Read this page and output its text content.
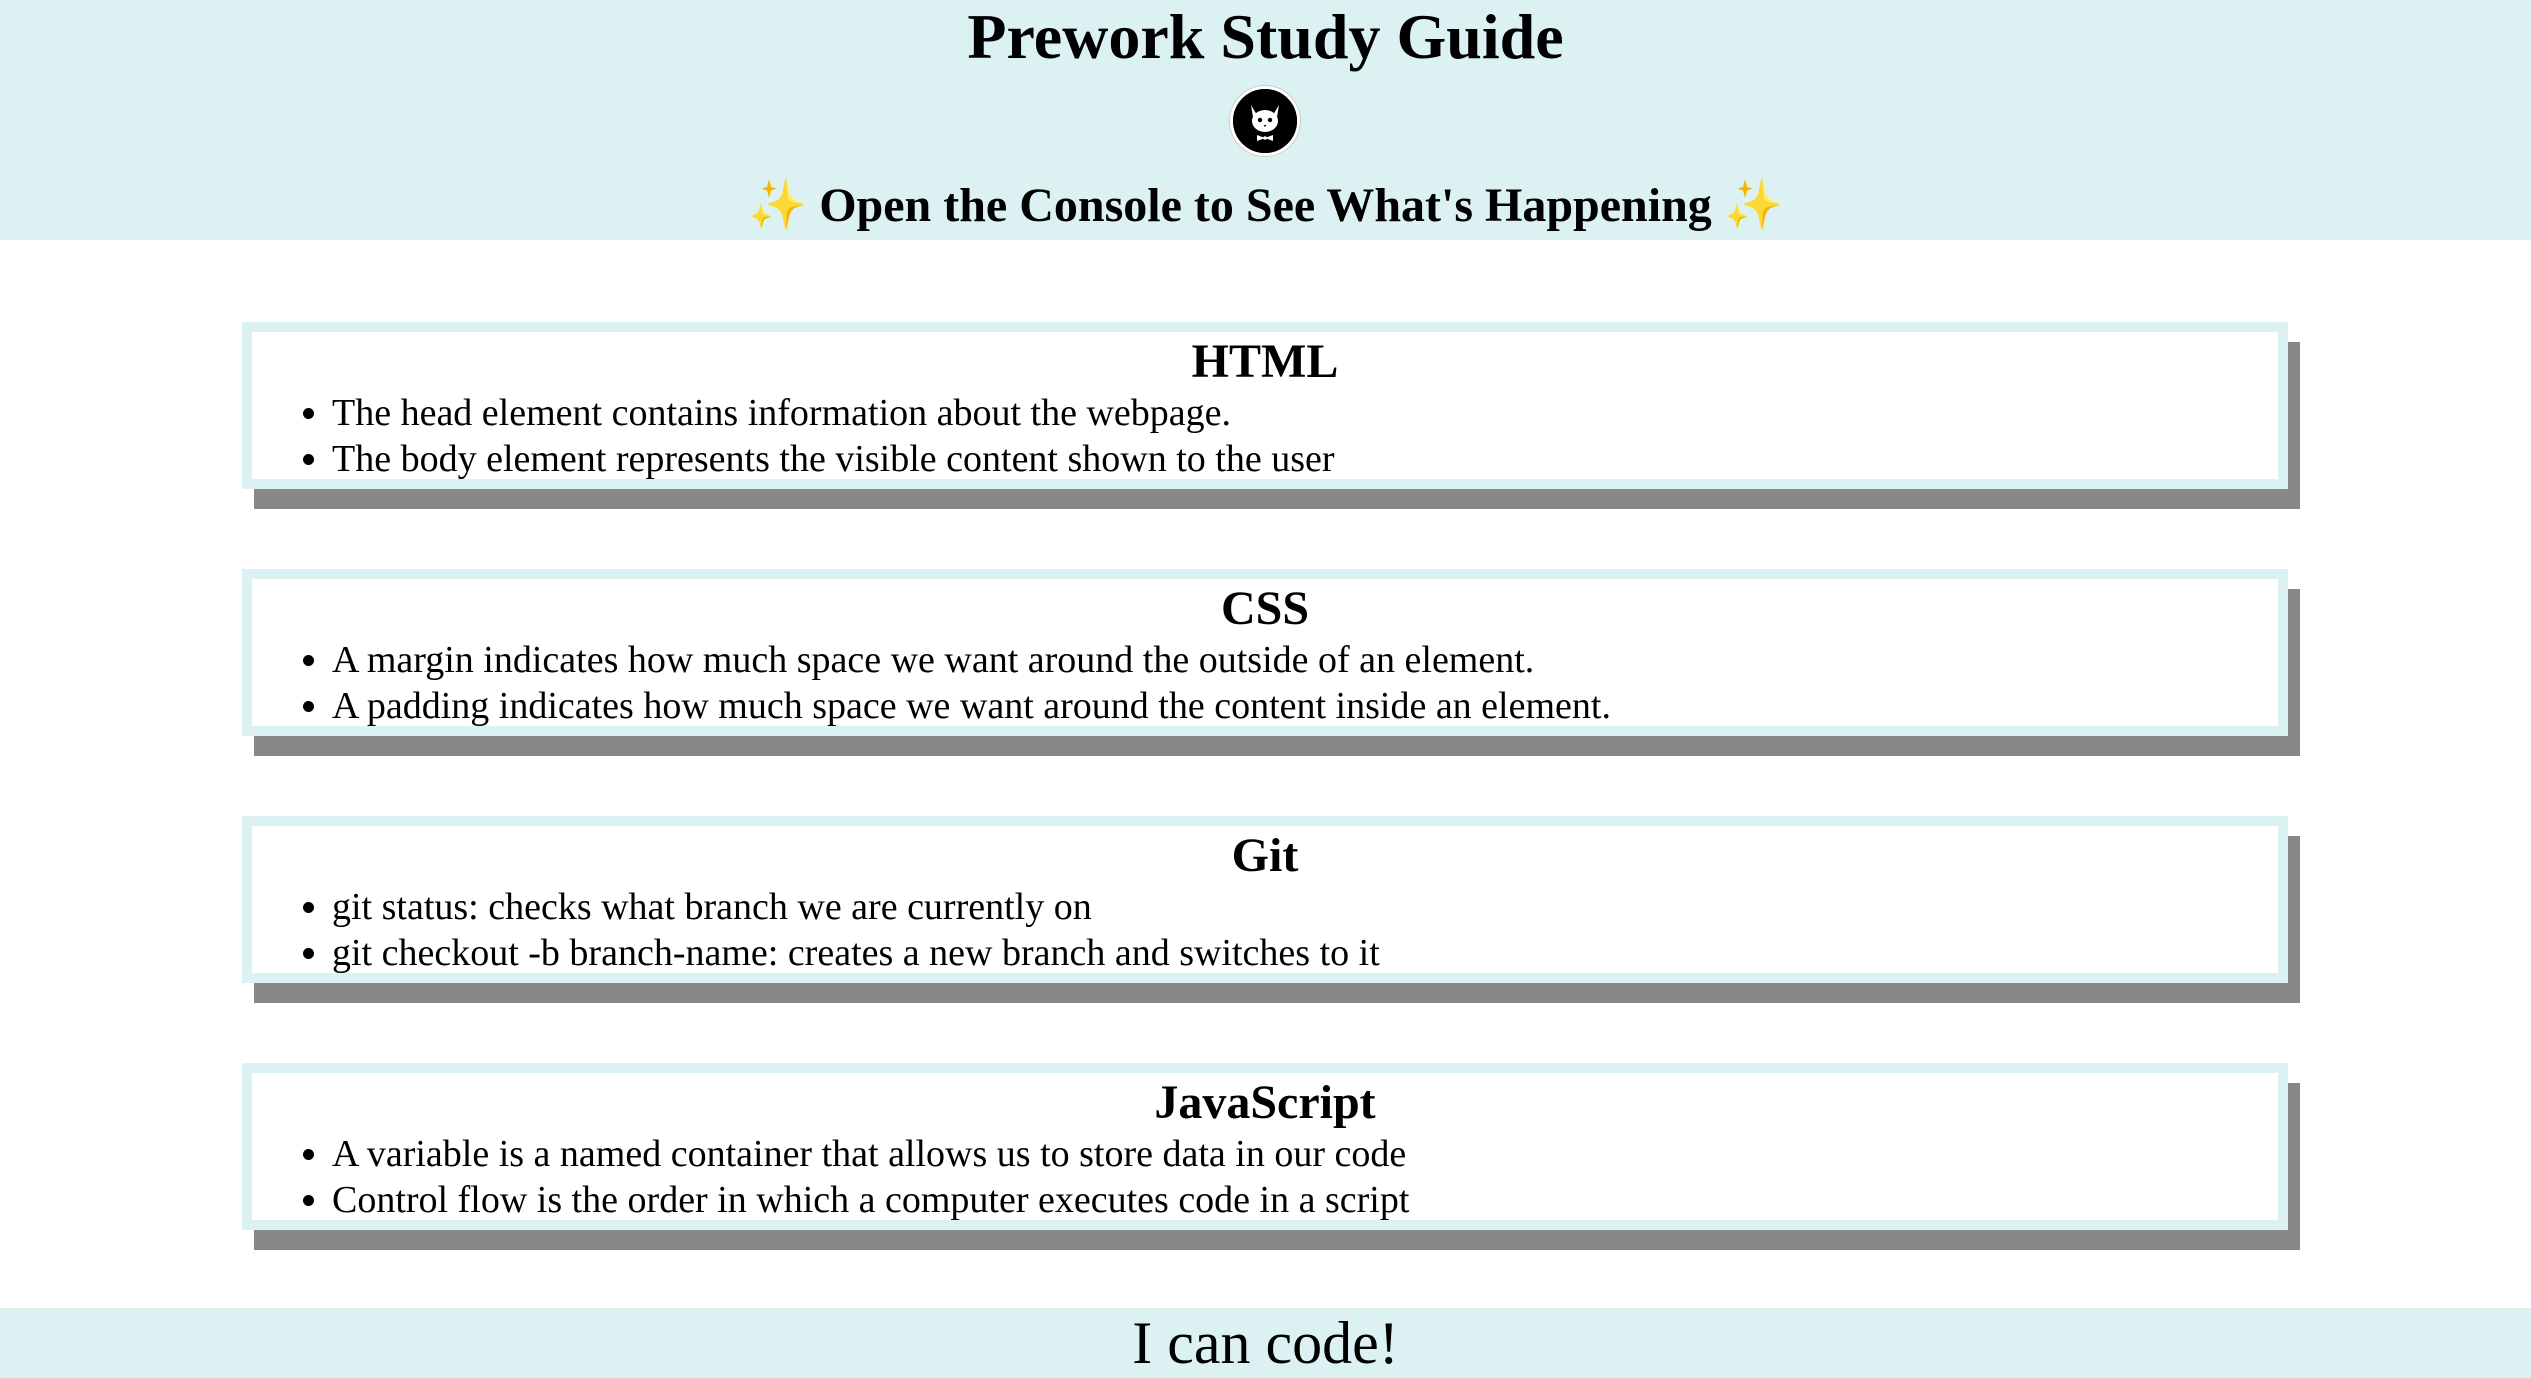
Prework Study Guide
✨ Open the Console to See What's Happening ✨
HTML
• The head element contains information about the webpage.
• The body element represents the visible content shown to the user
CSS
• A margin indicates how much space we want around the outside of an element.
• A padding indicates how much space we want around the content inside an element.
Git
• git status: checks what branch we are currently on
• git checkout -b branch-name: creates a new branch and switches to it
JavaScript
• A variable is a named container that allows us to store data in our code
• Control flow is the order in which a computer executes code in a script
I can code!
